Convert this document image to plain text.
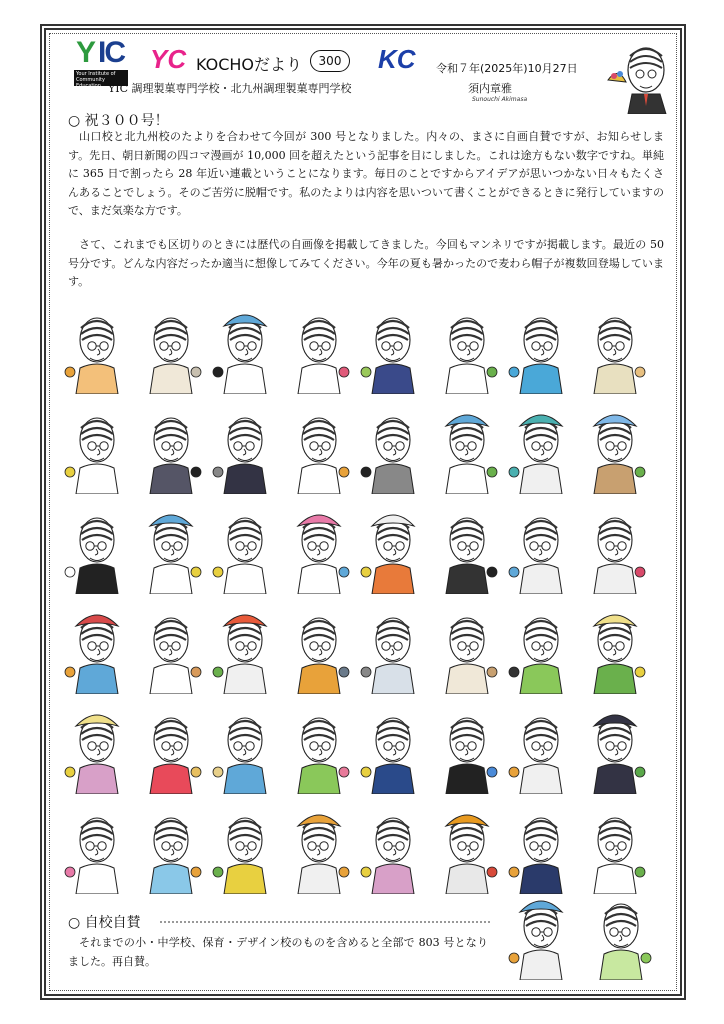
Y IC
Your Institute of Community Education
YC KOCHOだより	300	KC 令和７年(2025年)10月27日
YIC 調理製菓専門学校・北九州調理製菓専門学校	須内章雅
Sunouchi Akimasa
○ 祝３００号！

山口校と北九州校のたよりを合わせて今回が 300 号となりました。内々の、まさに自画自賛ですが、お知らせします。先日、朝日新聞の四コマ漫画が 10,000 回を超えたという記事を目にしました。これは途方もない数字ですね。単純に 365 日で割ったら 28 年近い連載ということになります。毎日のことですからアイデアが思いつかない日々もたくさんあることでしょう。そのご苦労に脱帽です。私のたよりは内容を思いついて書くことができるときに発行していますので、まだ気楽な方です。

さて、これまでも区切りのときには歴代の自画像を掲載してきました。今回もマンネリですが掲載します。最近の 50 号分です。どんな内容だったか適当に想像してみてください。今年の夏も暑かったので麦わら帽子が複数回登場しています。

○ 自校自賛

それまでの小・中学校、保育・デザイン校のものを含めると全部で 803 号となりました。再自賛。
